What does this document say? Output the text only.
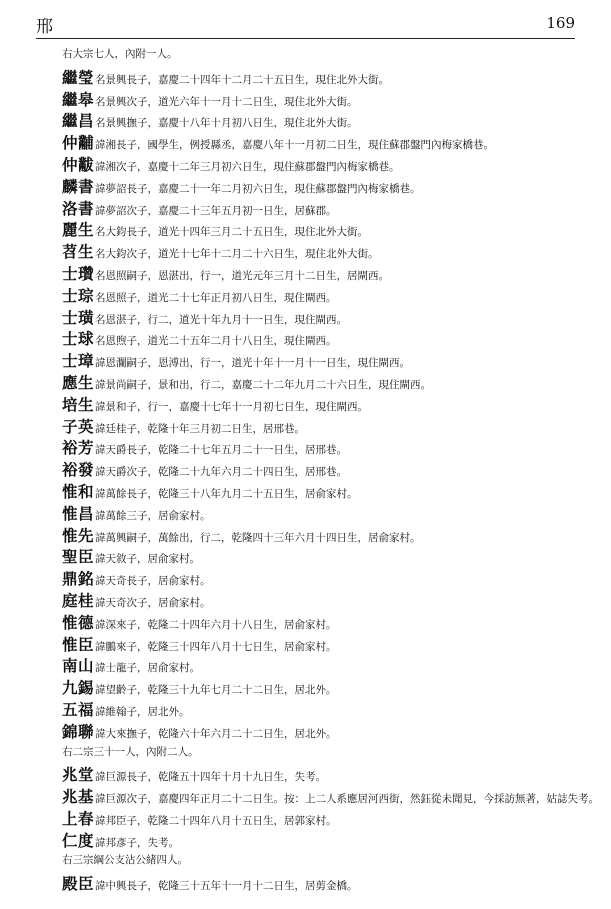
邢	169
右大宗七人，內附一人。
繼瑩名景興長子，嘉慶二十四年十二月二十五日生，現住北外大街。
繼皋名景興次子，道光六年十一月十二日生，現住北外大街。
繼昌名景興撫子，嘉慶十八年十月初八日生，現住北外大街。
仲黼諱湘長子，國學生，例授縣丞，嘉慶八年十一月初二日生，現住蘇郡盤門內梅家橋巷。
仲黻諱湘次子，嘉慶十二年三月初六日生，現住蘇郡盤門內梅家橋巷。
麟書諱夢詔長子，嘉慶二十一年二月初六日生，現住蘇郡盤門內梅家橋巷。
洛書諱夢詔次子，嘉慶二十三年五月初一日生，居蘇郡。
麗生名大鈞長子，道光十四年三月二十五日生，現住北外大街。
苕生名大鈞次子，道光十七年十二月二十六日生，現住北外大街。
士瓚名恩照嗣子，恩湛出，行一，道光元年三月十二日生，居閘西。
士琮名恩照子，道光二十七年正月初八日生，現住閘西。
士璜名恩湛子，行二，道光十年九月十一日生，現住閘西。
士球名恩煦子，道光二十五年二月十八日生，現住閘西。
士璋諱恩瀾嗣子，恩溥出，行一，道光十年十一月十一日生，現住閘西。
應生諱景尚嗣子，景和出，行二，嘉慶二十二年九月二十六日生，現住閘西。
培生諱景和子，行一，嘉慶十七年十一月初七日生，現住閘西。
子英諱廷桂子，乾隆十年三月初二日生，居邢巷。
裕芳諱天爵長子，乾隆二十七年五月二十一日生，居邢巷。
裕發諱天爵次子，乾隆二十九年六月二十四日生，居邢巷。
惟和諱萬餘長子，乾隆三十八年九月二十五日生，居俞家村。
惟昌諱萬餘三子，居俞家村。
惟先諱萬興嗣子，萬餘出，行二，乾隆四十三年六月十四日生，居俞家村。
聖臣諱天敘子，居俞家村。
鼎銘諱天奇長子，居俞家村。
庭桂諱天奇次子，居俞家村。
惟德諱深來子，乾隆二十四年六月十八日生，居俞家村。
惟臣諱鵬來子，乾隆三十四年八月十七日生，居俞家村。
南山諱士龍子，居俞家村。
九錫諱望齡子，乾隆三十九年七月二十二日生，居北外。
五福諱維翰子，居北外。
錦聯諱大來撫子，乾隆六十年六月二十二日生，居北外。
右二宗三十一人，內附二人。
兆堂諱巨源長子，乾隆五十四年十月十九日生，失考。
兆基諱巨源次子，嘉慶四年正月二十二日生。按：上二人系應居河西街，然鈺從未聞見，今採訪無著，姑誌失考。
上春諱邦臣子，乾隆二十四年八月十五日生，居郭家村。
仁度諱邦彥子，失考。
右三宗綱公支沾公緒四人。
殿臣諱中興長子，乾隆三十五年十一月十二日生，居剪金橋。
